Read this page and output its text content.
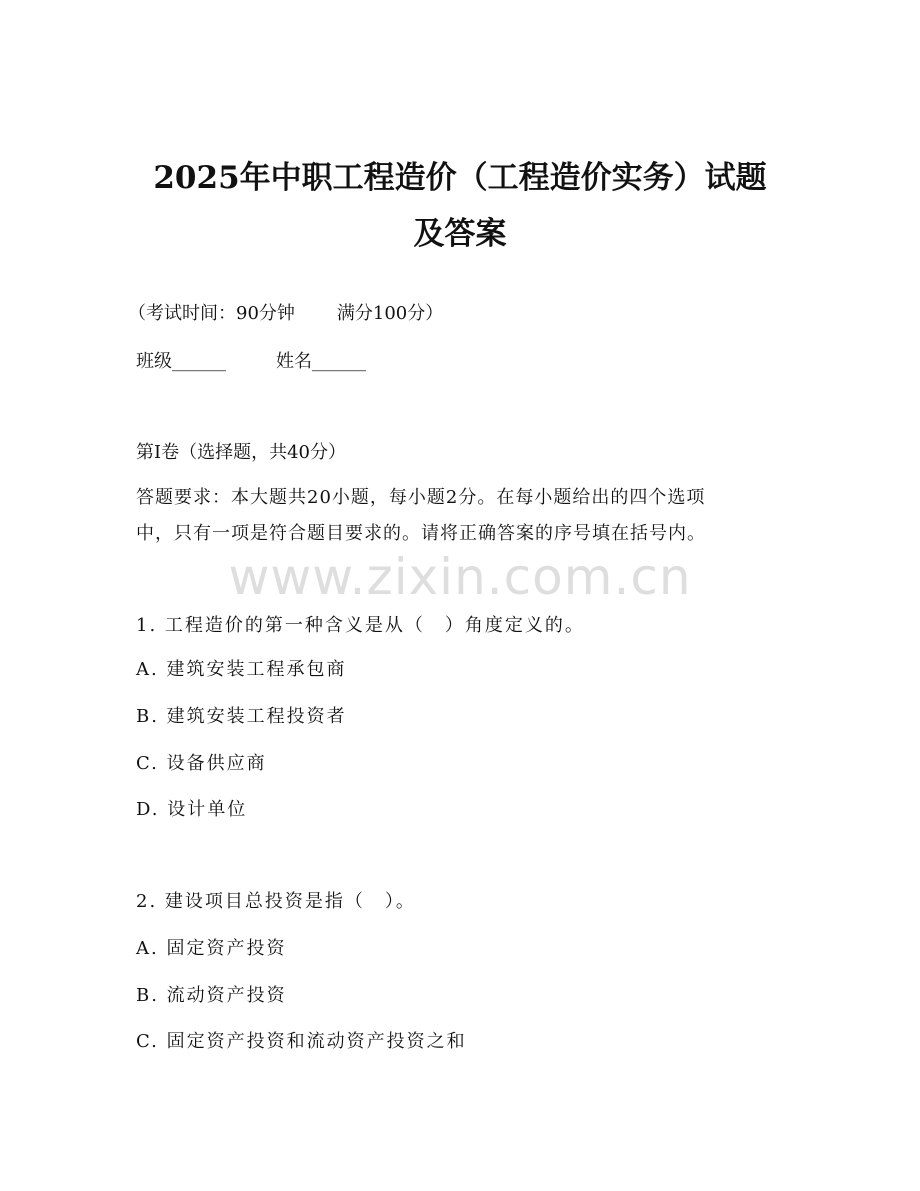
2025年中职工程造价（工程造价实务）试题
及答案
（考试时间：90分钟 满分100分）
班级______	姓名______
第Ⅰ卷（选择题，共40分）
答题要求：本大题共20小题，每小题2分。在每小题给出的四个选项
中，只有一项是符合题目要求的。请将正确答案的序号填在括号内。
www.zixin.com.cn
1. 工程造价的第一种含义是从（　）角度定义的。
A. 建筑安装工程承包商
B. 建筑安装工程投资者
C. 设备供应商
D. 设计单位
2. 建设项目总投资是指（　）。
A. 固定资产投资
B. 流动资产投资
C. 固定资产投资和流动资产投资之和
